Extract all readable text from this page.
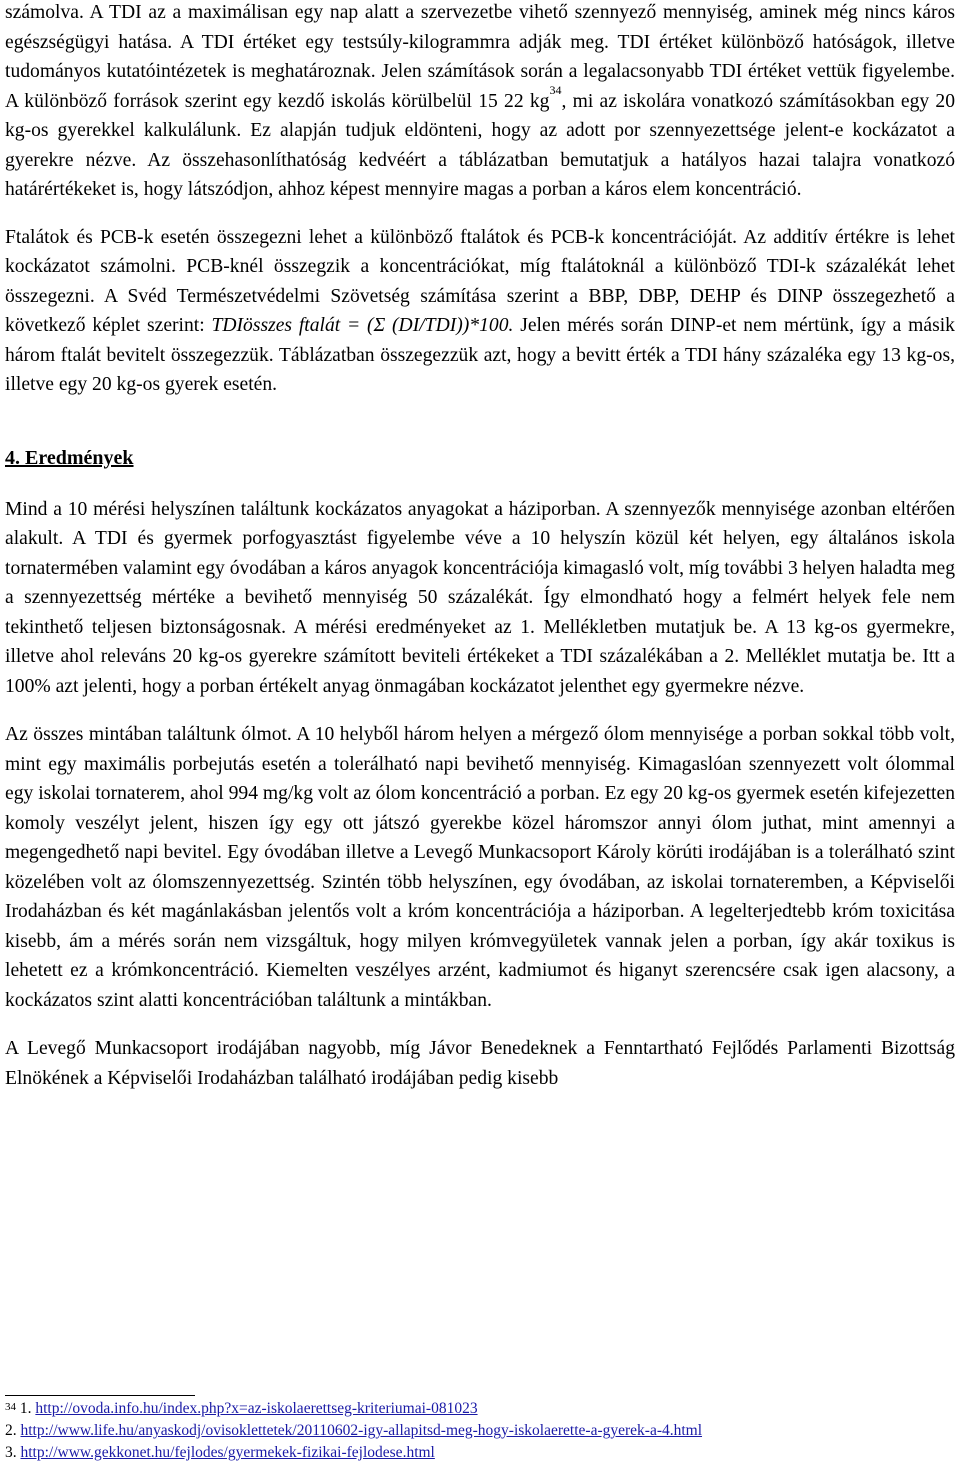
számolva. A TDI az a maximálisan egy nap alatt a szervezetbe vihető szennyező mennyiség, aminek még nincs káros egészségügyi hatása. A TDI értéket egy testsúly-kilogrammra adják meg. TDI értéket különböző hatóságok, illetve tudományos kutatóintézetek is meghatároznak. Jelen számítások során a legalacsonyabb TDI értéket vettük figyelembe. A különböző források szerint egy kezdő iskolás körülbelül 15 22 kg$^{34}$, mi az iskolára vonatkozó számításokban egy 20 kg-os gyerekkel kalkulálunk. Ez alapján tudjuk eldönteni, hogy az adott por szennyezettsége jelent-e kockázatot a gyerekre nézve. Az összehasonlíthatóság kedvéért a táblázatban bemutatjuk a hatályos hazai talajra vonatkozó határértékeket is, hogy látszódjon, ahhoz képest mennyire magas a porban a káros elem koncentráció.

Ftalátok és PCB-k esetén összegezni lehet a különböző ftalátok és PCB-k koncentrációját. Az additív értékre is lehet kockázatot számolni. PCB-knél összegzik a koncentrációkat, míg ftalátoknál a különböző TDI-k százalékát lehet összegezni. A Svéd Természetvédelmi Szövetség számítása szerint a BBP, DBP, DEHP és DINP összegezhető a következő képlet szerint: TDIösszes ftalát = (Σ (DI/TDI))*100. Jelen mérés során DINP-et nem mértünk, így a másik három ftalát bevitelt összegezzük. Táblázatban összegezzük azt, hogy a bevitt érték a TDI hány százaléka egy 13 kg-os, illetve egy 20 kg-os gyerek esetén.

4. Eredmények

Mind a 10 mérési helyszínen találtunk kockázatos anyagokat a háziporban. A szennyezők mennyisége azonban eltérően alakult. A TDI és gyermek porfogyasztást figyelembe véve a 10 helyszín közül két helyen, egy általános iskola tornatermében valamint egy óvodában a káros anyagok koncentrációja kimagasló volt, míg további 3 helyen haladta meg a szennyezettség mértéke a bevihető mennyiség 50 százalékát. Így elmondható hogy a felmért helyek fele nem tekinthető teljesen biztonságosnak. A mérési eredményeket az 1. Mellékletben mutatjuk be. A 13 kg-os gyermekre, illetve ahol releváns 20 kg-os gyerekre számított beviteli értékeket a TDI százalékában a 2. Melléklet mutatja be. Itt a 100% azt jelenti, hogy a porban értékelt anyag önmagában kockázatot jelenthet egy gyermekre nézve.

Az összes mintában találtunk ólmot. A 10 helyből három helyen a mérgező ólom mennyisége a porban sokkal több volt, mint egy maximális porbejutás esetén a tolerálható napi bevihető mennyiség. Kimagaslóan szennyezett volt ólommal egy iskolai tornaterem, ahol 994 mg/kg volt az ólom koncentráció a porban. Ez egy 20 kg-os gyermek esetén kifejezetten komoly veszélyt jelent, hiszen így egy ott játszó gyerekbe közel háromszor annyi ólom juthat, mint amennyi a megengedhető napi bevitel. Egy óvodában illetve a Levegő Munkacsoport Károly körúti irodájában is a tolerálható szint közelében volt az ólomszennyezettség. Szintén több helyszínen, egy óvodában, az iskolai tornateremben, a Képviselői Irodaházban és két magánlakásban jelentős volt a króm koncentrációja a háziporban. A legelterjedtebb króm toxicitása kisebb, ám a mérés során nem vizsgáltuk, hogy milyen krómvegyületek vannak jelen a porban, így akár toxikus is lehetett ez a krómkoncentráció. Kiemelten veszélyes arzént, kadmiumot és higanyt szerencsére csak igen alacsony, a kockázatos szint alatti koncentrációban találtunk a mintákban.

A Levegő Munkacsoport irodájában nagyobb, míg Jávor Benedeknek a Fenntartható Fejlődés Parlamenti Bizottság Elnökének a Képviselői Irodaházban található irodájában pedig kisebb

$^{34}$ 1. http://ovoda.info.hu/index.php?x=az-iskolaerettseg-kriteriumai-081023
2. http://www.life.hu/anyaskodj/ovisoklettetek/20110602-igy-allapitsd-meg-hogy-iskolaerette-a-gyerek-a-4.html
3. http://www.gekkonet.hu/fejlodes/gyermekek-fizikai-fejlodese.html
